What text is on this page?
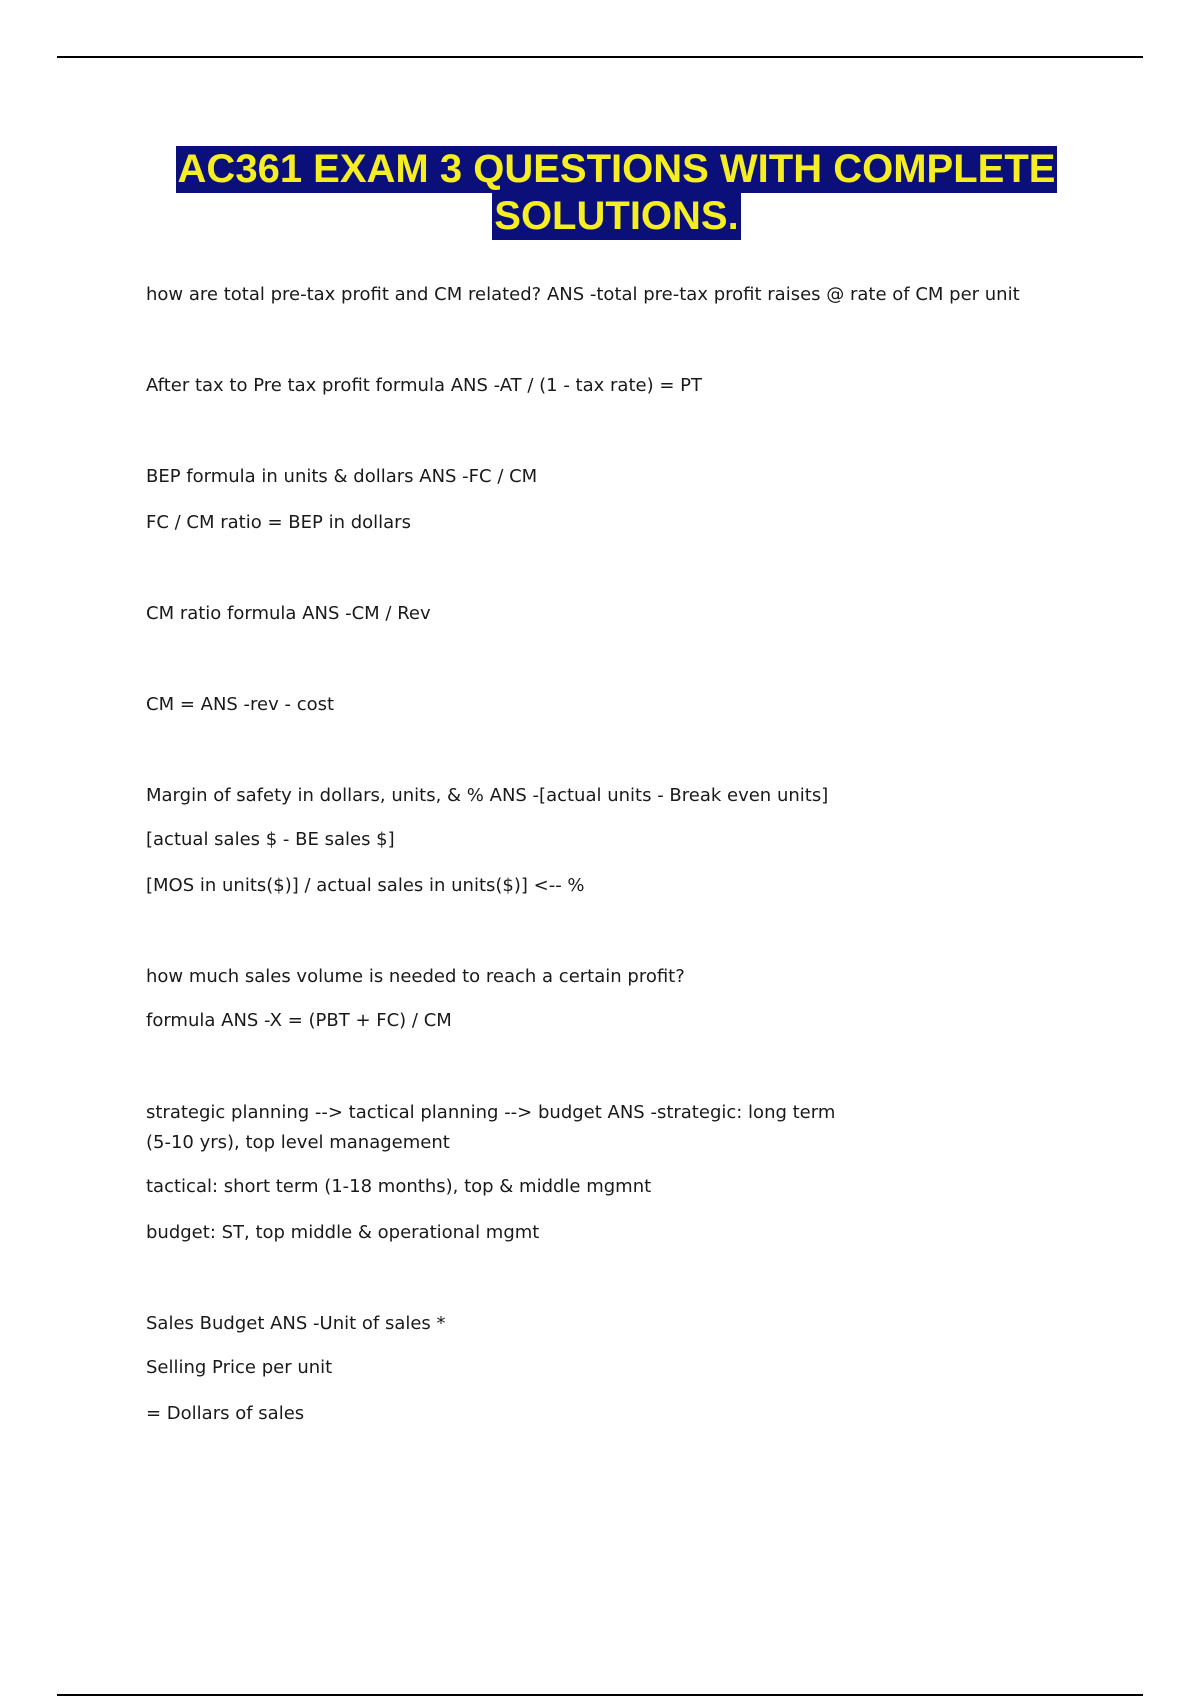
AC361 EXAM 3 QUESTIONS WITH COMPLETE
SOLUTIONS.
how are total pre-tax profit and CM related? ANS -total pre-tax profit raises @ rate of CM per unit
After tax to Pre tax profit formula ANS -AT / (1 - tax rate) = PT
BEP formula in units & dollars ANS -FC / CM
FC / CM ratio = BEP in dollars
CM ratio formula ANS -CM / Rev
CM = ANS -rev - cost
Margin of safety in dollars, units, & % ANS -[actual units - Break even units]
[actual sales $ - BE sales $]
[MOS in units($)] / actual sales in units($)] <-- %
how much sales volume is needed to reach a certain profit?
formula ANS -X = (PBT + FC) / CM
strategic planning --> tactical planning --> budget ANS -strategic: long term (5-10 yrs), top level management
tactical: short term (1-18 months), top & middle mgmnt
budget: ST, top middle & operational mgmt
Sales Budget ANS -Unit of sales *
Selling Price per unit
= Dollars of sales
